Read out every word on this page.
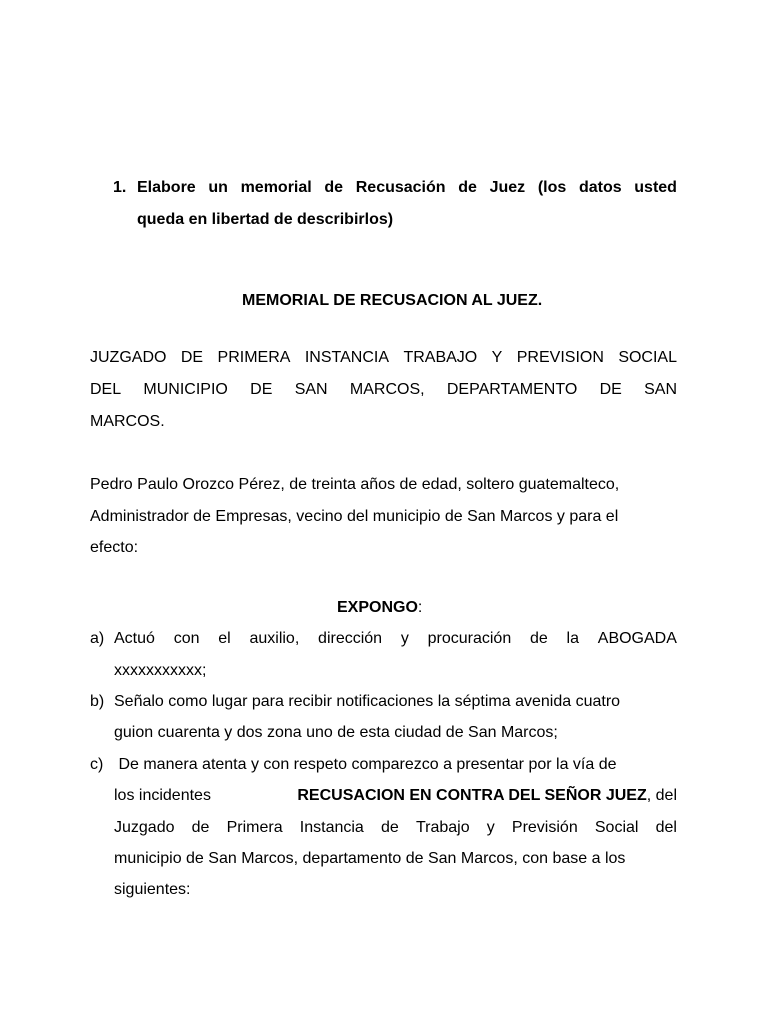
1. Elabore un memorial de Recusación de Juez (los datos usted
queda en libertad de describirlos)
MEMORIAL DE RECUSACION AL JUEZ.
JUZGADO DE PRIMERA INSTANCIA TRABAJO Y PREVISION SOCIAL
DEL MUNICIPIO DE SAN MARCOS, DEPARTAMENTO DE SAN
MARCOS.
Pedro Paulo Orozco Pérez, de treinta años de edad, soltero guatemalteco,
Administrador de Empresas, vecino del municipio de San Marcos y para el
efecto:
EXPONGO:
a) Actuó con el auxilio, dirección y procuración de la ABOGADA
xxxxxxxxxxx;
b) Señalo como lugar para recibir notificaciones la séptima avenida cuatro
guion cuarenta y dos zona uno de esta ciudad de San Marcos;
c) De manera atenta y con respeto comparezco a presentar por la vía de
los incidentes	RECUSACION EN CONTRA DEL SEÑOR JUEZ, del
Juzgado de Primera Instancia de Trabajo y Previsión Social del
municipio de San Marcos, departamento de San Marcos, con base a los
siguientes:
